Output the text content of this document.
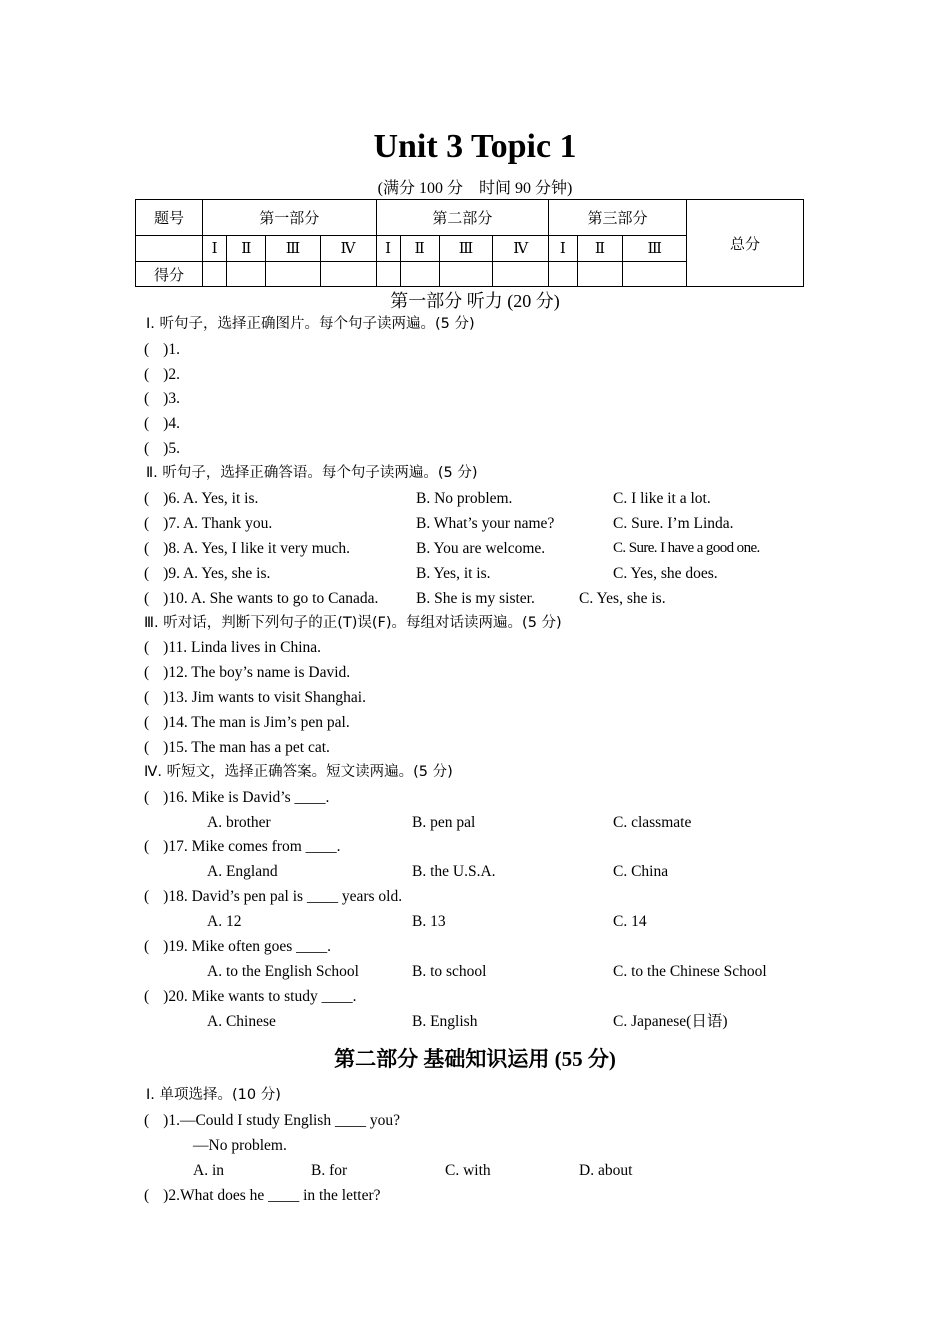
Unit 3 Topic 1
(满分 100 分　时间 90 分钟)
题号	第一部分				第二部分				第三部分			总分
	Ⅰ	Ⅱ	Ⅲ	Ⅳ	Ⅰ	Ⅱ	Ⅲ	Ⅳ	Ⅰ	Ⅱ	Ⅲ	
得分												
第一部分 听力 (20 分)
Ⅰ. 听句子，选择正确图片。每个句子读两遍。(5 分)
( )1.
( )2.
( )3.
( )4.
( )5.
Ⅱ. 听句子，选择正确答语。每个句子读两遍。(5 分)
( )6. A. Yes, it is.	B. No problem.	C. I like it a lot.
( )7. A. Thank you.	B. What’s your name?	C. Sure. I’m Linda.
( )8. A. Yes, I like it very much.	B. You are welcome.	C. Sure. I have a good one.
( )9. A. Yes, she is.	B. Yes, it is.	C. Yes, she does.
( )10. A. She wants to go to Canada. B. She is my sister.	C. Yes, she is.
Ⅲ. 听对话，判断下列句子的正(T)误(F)。每组对话读两遍。(5 分)
( )11. Linda lives in China.
( )12. The boy’s name is David.
( )13. Jim wants to visit Shanghai.
( )14. The man is Jim’s pen pal.
( )15. The man has a pet cat.
Ⅳ. 听短文，选择正确答案。短文读两遍。(5 分)
( )16. Mike is David’s ____.
A. brother	B. pen pal	C. classmate
( )17. Mike comes from ____.
A. England	B. the U.S.A.	C. China
( )18. David’s pen pal is ____ years old.
A. 12	B. 13	C. 14
( )19. Mike often goes ____.
A. to the English School	B. to school	C. to the Chinese School
( )20. Mike wants to study ____.
A. Chinese	B. English	C. Japanese(日语)
第二部分 基础知识运用 (55 分)
Ⅰ. 单项选择。(10 分)
( )1.—Could I study English ____ you?
—No problem.
A. in	B. for	C. with	D. about
( )2.What does he ____ in the letter?
